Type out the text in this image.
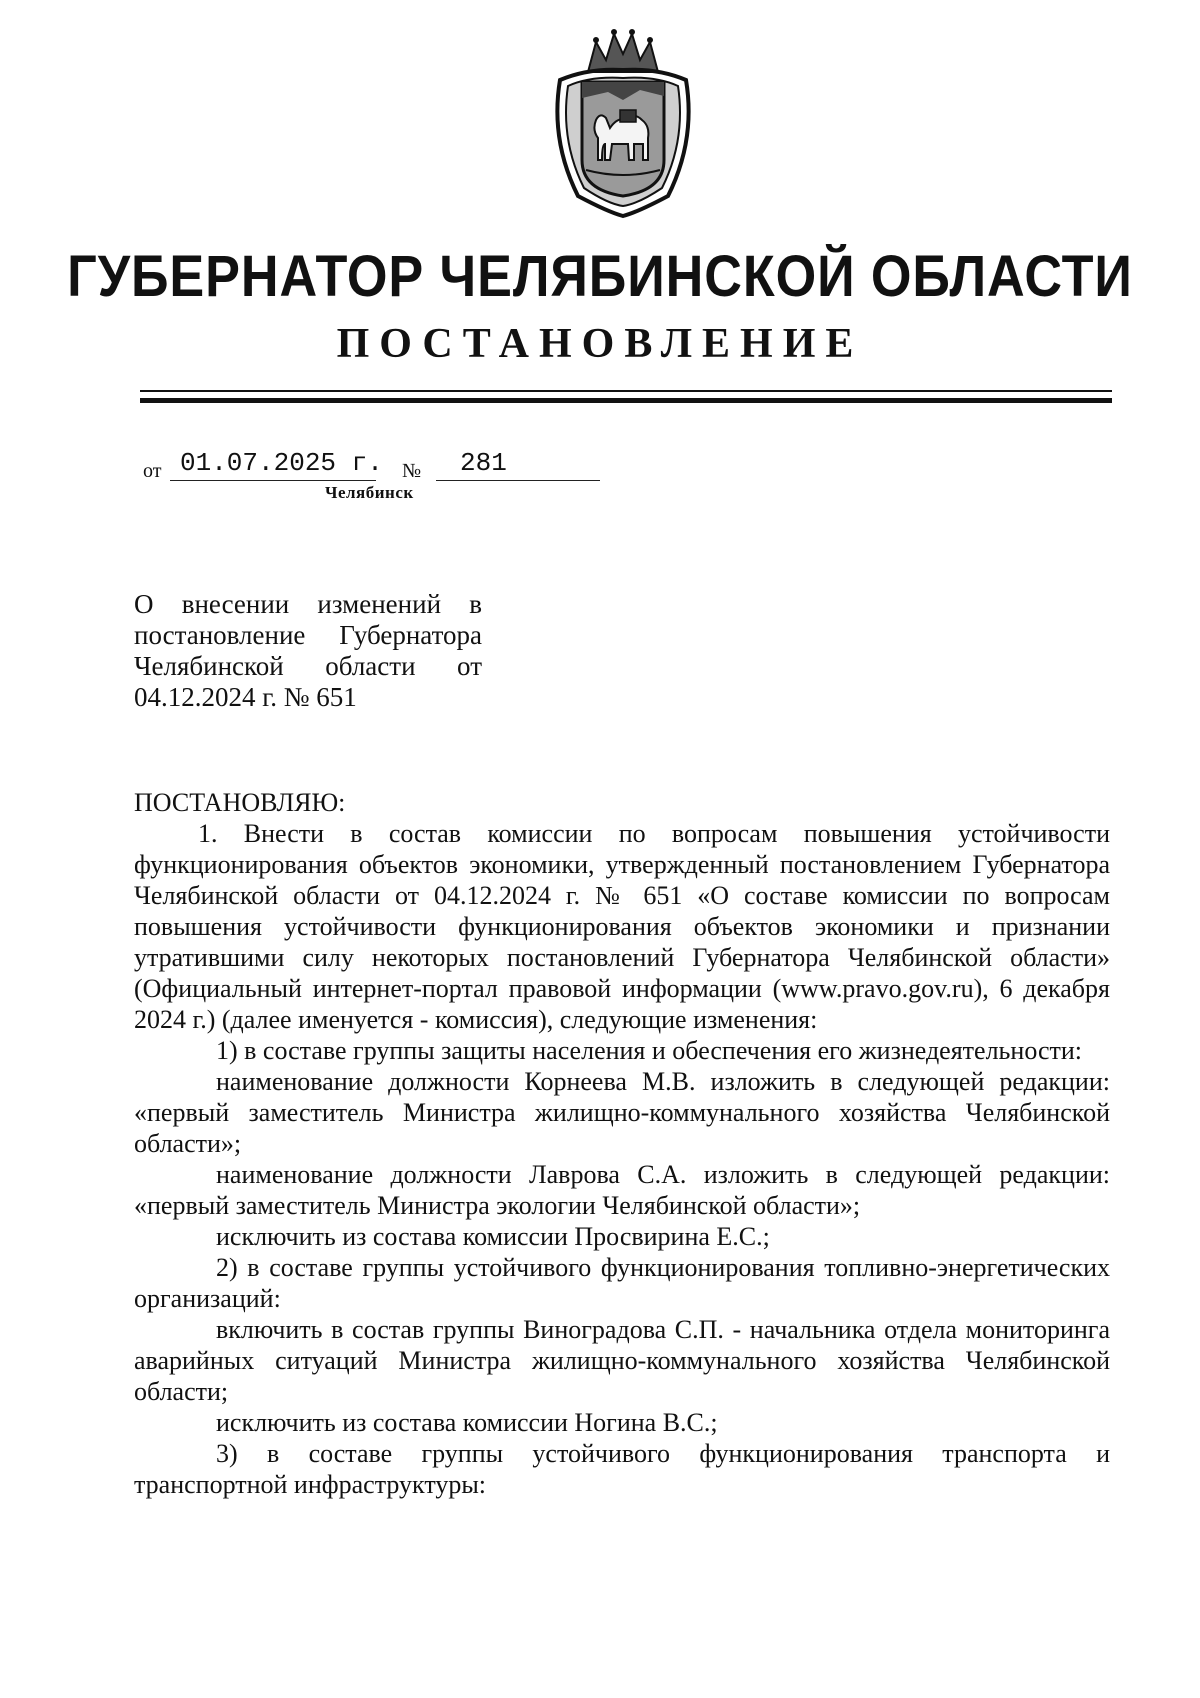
ГУБЕРНАТОР ЧЕЛЯБИНСКОЙ ОБЛАСТИ
ПОСТАНОВЛЕНИЕ
от 01.07.2025 г. №	281
Челябинск

О внесении изменений в постановление Губернатора Челябинской области от 04.12.2024 г. № 651

ПОСТАНОВЛЯЮ:

1. Внести в состав комиссии по вопросам повышения устойчивости функционирования объектов экономики, утвержденный постановлением Губернатора Челябинской области от 04.12.2024 г. № 651 «О составе комиссии по вопросам повышения устойчивости функционирования объектов экономики и признании утратившими силу некоторых постановлений Губернатора Челябинской области» (Официальный интернет-портал правовой информации (www.pravo.gov.ru), 6 декабря 2024 г.) (далее именуется - комиссия), следующие изменения:

1) в составе группы защиты населения и обеспечения его жизнедеятельности:

наименование должности Корнеева М.В. изложить в следующей редакции: «первый заместитель Министра жилищно-коммунального хозяйства Челябинской области»;

наименование должности Лаврова С.А. изложить в следующей редакции: «первый заместитель Министра экологии Челябинской области»;

исключить из состава комиссии Просвирина Е.С.;

2) в составе группы устойчивого функционирования топливно-энергетических организаций:

включить в состав группы Виноградова С.П. - начальника отдела мониторинга аварийных ситуаций Министра жилищно-коммунального хозяйства Челябинской области;

исключить из состава комиссии Ногина В.С.;

3) в составе группы устойчивого функционирования транспорта и транспортной инфраструктуры:
